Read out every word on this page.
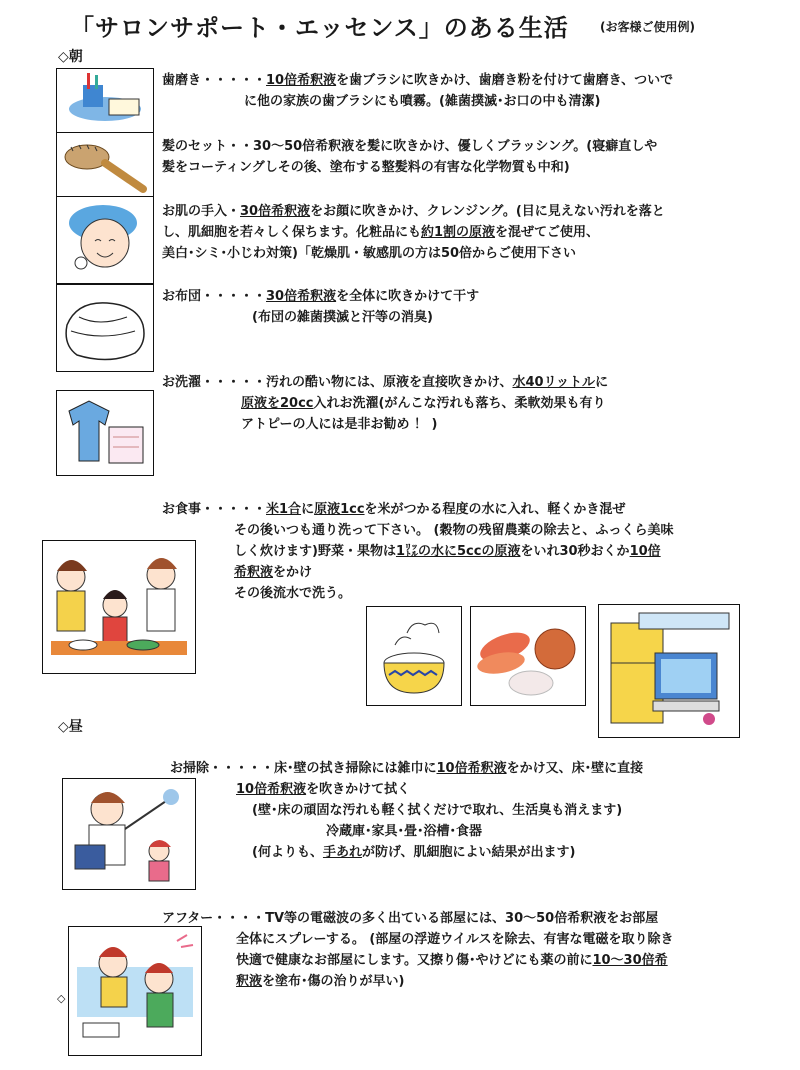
「サロンサポート・エッセンス」のある生活	(お客様ご使用例)
◇朝
歯磨き・・・・・10倍希釈液を歯ブラシに吹きかけ、歯磨き粉を付けて歯磨き、ついで
に他の家族の歯ブラシにも噴霧。(雑菌撲滅･お口の中も清潔)
髪のセット・・30～50倍希釈液を髪に吹きかけ、優しくブラッシング。(寝癖直しや
髪をコーティングしその後、塗布する整髪料の有害な化学物質も中和)
お肌の手入・30倍希釈液をお顔に吹きかけ、クレンジング。(目に見えない汚れを落と
し、肌細胞を若々しく保ちます。化粧品にも約1割の原液を混ぜてご使用、
美白･シミ･小じわ対策)「乾燥肌・敏感肌の方は50倍からご使用下さい
お布団・・・・・30倍希釈液を全体に吹きかけて干す
(布団の雑菌撲滅と汗等の消臭)
お洗濯・・・・・汚れの酷い物には、原液を直接吹きかけ、水40リットルに
原液を20cc入れお洗濯(がんこな汚れも落ち、柔軟効果も有り
アトピーの人には是非お勧め ！ )
お食事・・・・・米1合に原液1ccを米がつかる程度の水に入れ、軽くかき混ぜ
その後いつも通り洗って下さい。 (穀物の残留農薬の除去と、ふっくら美味
しく炊けます)野菜・果物は1㍑の水に5ccの原液をいれ30秒おくか10倍
希釈液をかけ
その後流水で洗う。
◇昼
お掃除・・・・・床･壁の拭き掃除には雑巾に10倍希釈液をかけ又、床･壁に直接
10倍希釈液を吹きかけて拭く
(壁･床の頑固な汚れも軽く拭くだけで取れ、生活臭も消えます)
冷蔵庫･家具･畳･浴槽･食器
(何よりも、手あれが防げ、肌細胞によい結果が出ます)
◇
アフター・・・・TV等の電磁波の多く出ている部屋には、30～50倍希釈液をお部屋
全体にスプレーする。 (部屋の浮遊ウイルスを除去、有害な電磁を取り除き
快適で健康なお部屋にします。又擦り傷･やけどにも薬の前に10～30倍希
釈液を塗布･傷の治りが早い)
